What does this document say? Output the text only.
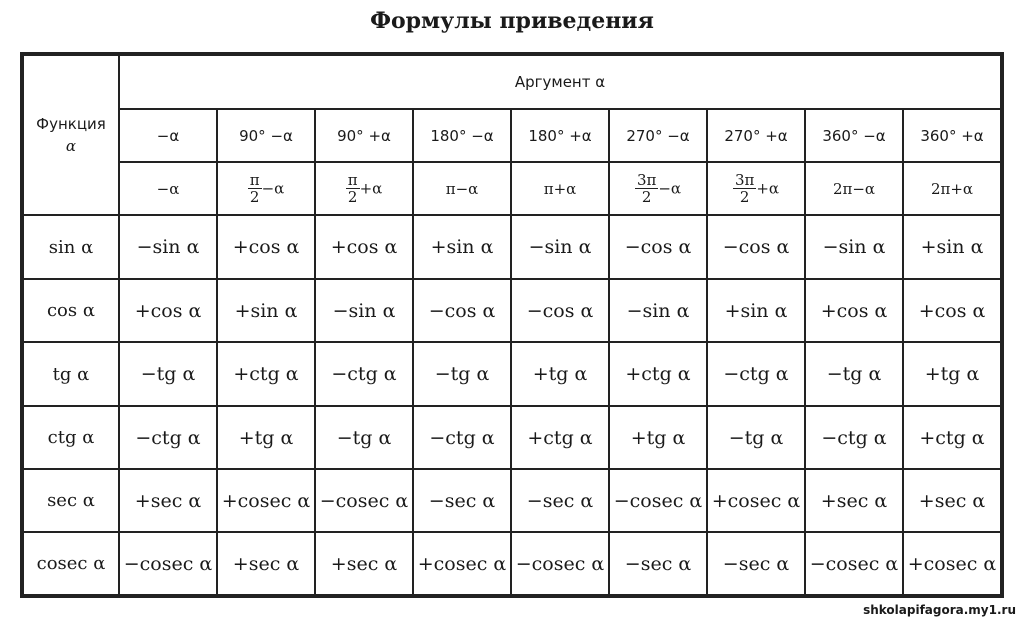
Формулы приведения
Функция
α	Аргумент α								
	−α	90° −α	90° +α	180° −α	180° +α	270° −α	270° +α	360° −α	360° +α
	−α	$\frac{\pi}{2} -\alpha$	$\frac{\pi}{2} +\alpha$	π−α	π+α	$\frac{3\pi}{2} -\alpha$	$\frac{3\pi}{2} +\alpha$	2π−α	2π+α
sin α	−sin α	+cos α	+cos α	+sin α	−sin α	−cos α	−cos α	−sin α	+sin α
cos α	+cos α	+sin α	−sin α	−cos α	−cos α	−sin α	+sin α	+cos α	+cos α
tg α	−tg α	+ctg α	−ctg α	−tg α	+tg α	+ctg α	−ctg α	−tg α	+tg α
ctg α	−ctg α	+tg α	−tg α	−ctg α	+ctg α	+tg α	−tg α	−ctg α	+ctg α
sec α	+sec α	+cosec α	−cosec α	−sec α	−sec α	−cosec α	+cosec α	+sec α	+sec α
cosec α	−cosec α	+sec α	+sec α	+cosec α	−cosec α	−sec α	−sec α	−cosec α	+cosec α
shkolapifagora.my1.ru
